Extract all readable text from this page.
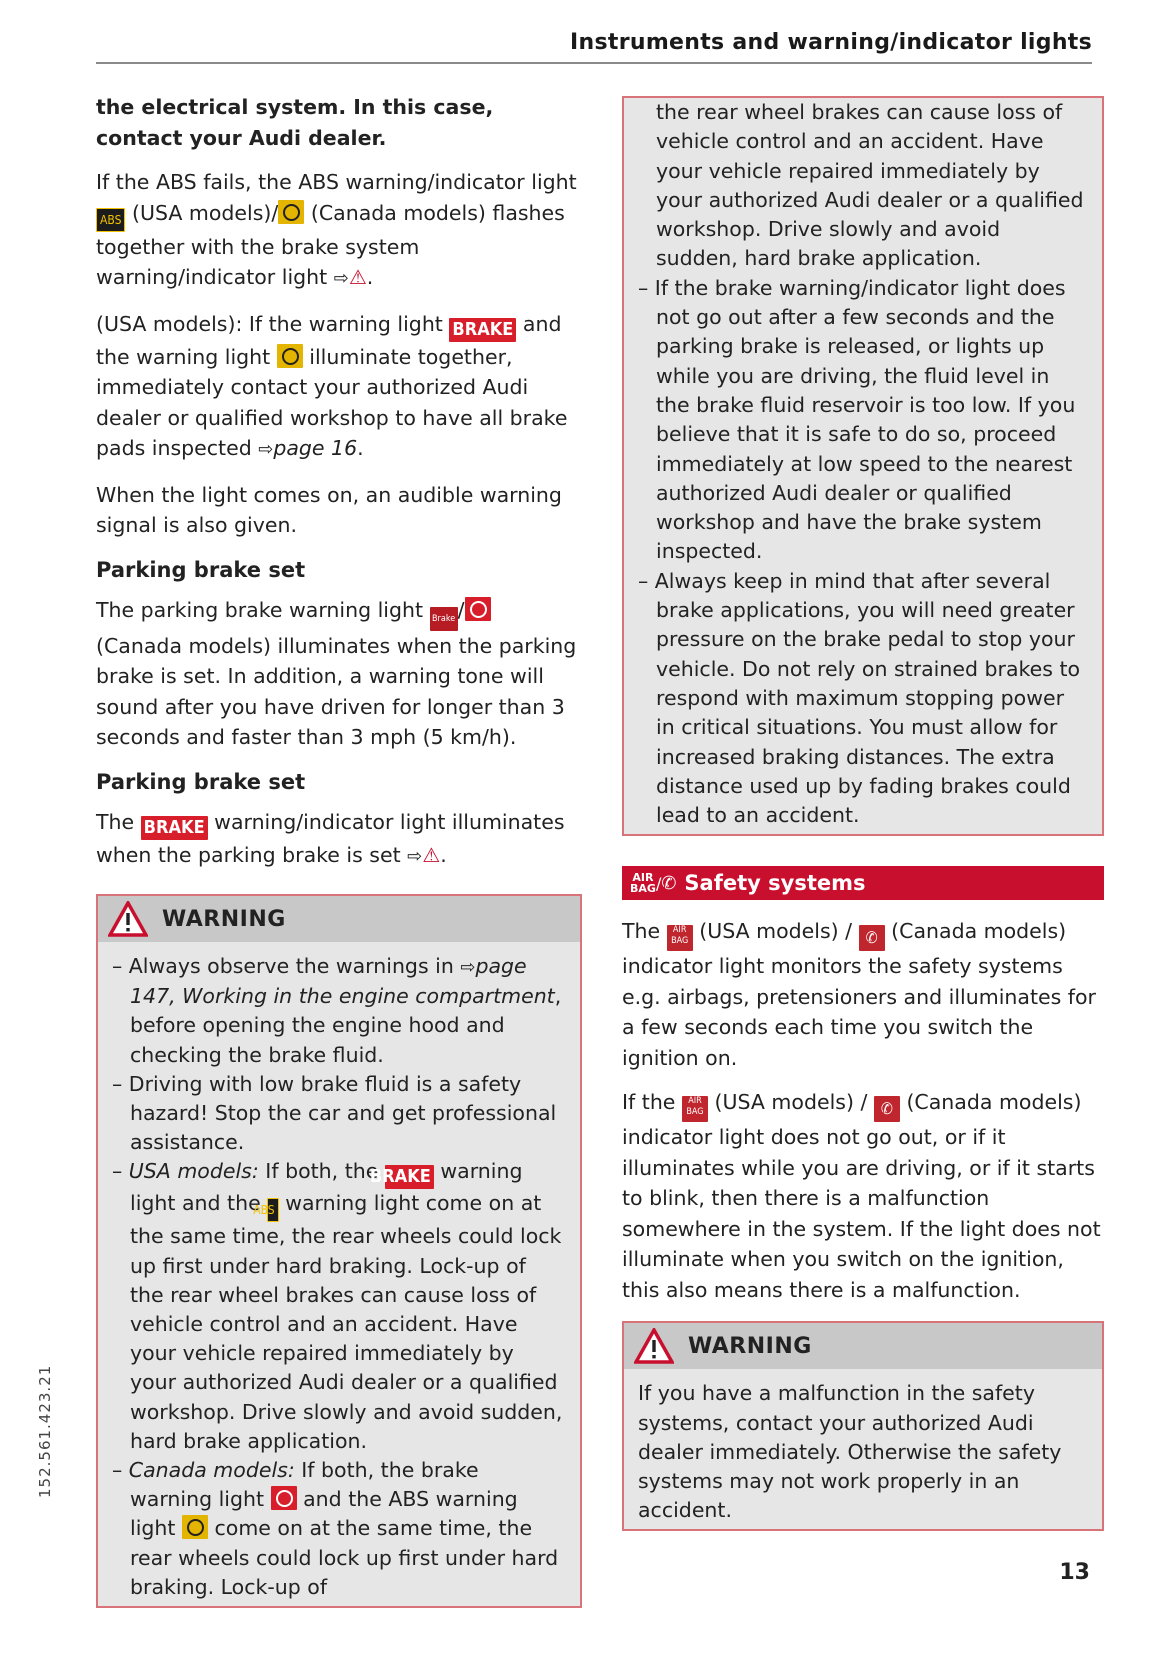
Instruments and warning/indicator lights

the electrical system. In this case, contact your Audi dealer.

If the ABS fails, the ABS warning/indicator light ABS (USA models)/ (Canada models) flashes together with the brake system warning/indicator light ⇨⚠.

(USA models): If the warning light BRAKE and the warning light illuminate together, immediately contact your authorized Audi dealer or qualified workshop to have all brake pads inspected ⇨page 16.

When the light comes on, an audible warning signal is also given.

Parking brake set

The parking brake warning light Brake / (Canada models) illuminates when the parking brake is set. In addition, a warning tone will sound after you have driven for longer than 3 seconds and faster than 3 mph (5 km/h).

Parking brake set

The BRAKE warning/indicator light illuminates when the parking brake is set ⇨⚠.

WARNING
– Always observe the warnings in ⇨page 147, Working in the engine compartment, before opening the engine hood and checking the brake fluid.
– Driving with low brake fluid is a safety hazard! Stop the car and get professional assistance.
– USA models: If both, the BRAKE warning light and the ABS warning light come on at the same time, the rear wheels could lock up first under hard braking. Lock-up of the rear wheel brakes can cause loss of vehicle control and an accident. Have your vehicle repaired immediately by your authorized Audi dealer or a qualified workshop. Drive slowly and avoid sudden, hard brake application.
– Canada models: If both, the brake warning light and the ABS warning light come on at the same time, the rear wheels could lock up first under hard braking. Lock-up of
the rear wheel brakes can cause loss of vehicle control and an accident. Have your vehicle repaired immediately by your authorized Audi dealer or a qualified workshop. Drive slowly and avoid sudden, hard brake application.
– If the brake warning/indicator light does not go out after a few seconds and the parking brake is released, or lights up while you are driving, the fluid level in the brake fluid reservoir is too low. If you believe that it is safe to do so, proceed immediately at low speed to the nearest authorized Audi dealer or qualified workshop and have the brake system inspected.
– Always keep in mind that after several brake applications, you will need greater pressure on the brake pedal to stop your vehicle. Do not rely on strained brakes to respond with maximum stopping power in critical situations. You must allow for increased braking distances. The extra distance used up by fading brakes could lead to an accident.
AIR
BAG / ✆ Safety systems

The AIR BAG (USA models) / ✆ (Canada models) indicator light monitors the safety systems e.g. airbags, pretensioners and illuminates for a few seconds each time you switch the ignition on.

If the AIR BAG (USA models) / ✆ (Canada models) indicator light does not go out, or if it illuminates while you are driving, or if it starts to blink, then there is a malfunction somewhere in the system. If the light does not illuminate when you switch on the ignition, this also means there is a malfunction.

WARNING
If you have a malfunction in the safety systems, contact your authorized Audi dealer immediately. Otherwise the safety systems may not work properly in an accident.
152.561.423.21
13
